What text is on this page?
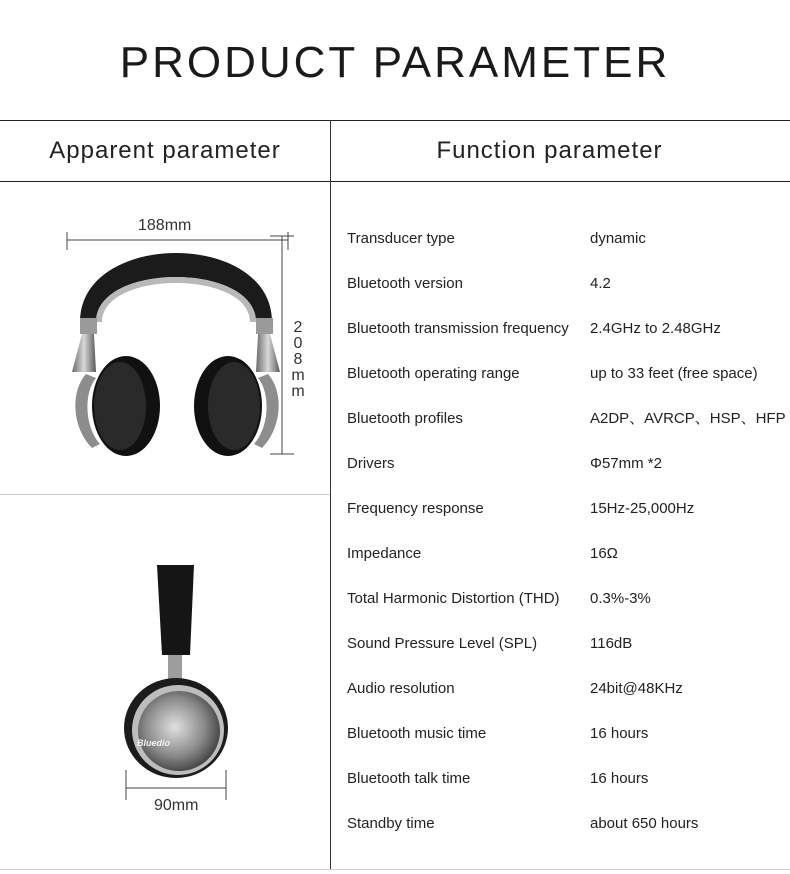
PRODUCT PARAMETER
Apparent parameter	Function parameter
188mm
2
0
8
m
m
Bluedio
90mm
Transducer type	dynamic
Bluetooth version	4.2
Bluetooth transmission frequency 2.4GHz to 2.48GHz
Bluetooth operating range	up to 33 feet (free space)
Bluetooth profiles	A2DP、AVRCP、HSP、HFP
Drivers	Φ57mm *2
Frequency response	15Hz-25,000Hz
Impedance	16Ω
Total Harmonic Distortion (THD) 0.3%-3%
Sound Pressure Level (SPL)	116dB
Audio resolution	24bit@48KHz
Bluetooth music time	16 hours
Bluetooth talk time	16 hours
Standby time	about 650 hours
